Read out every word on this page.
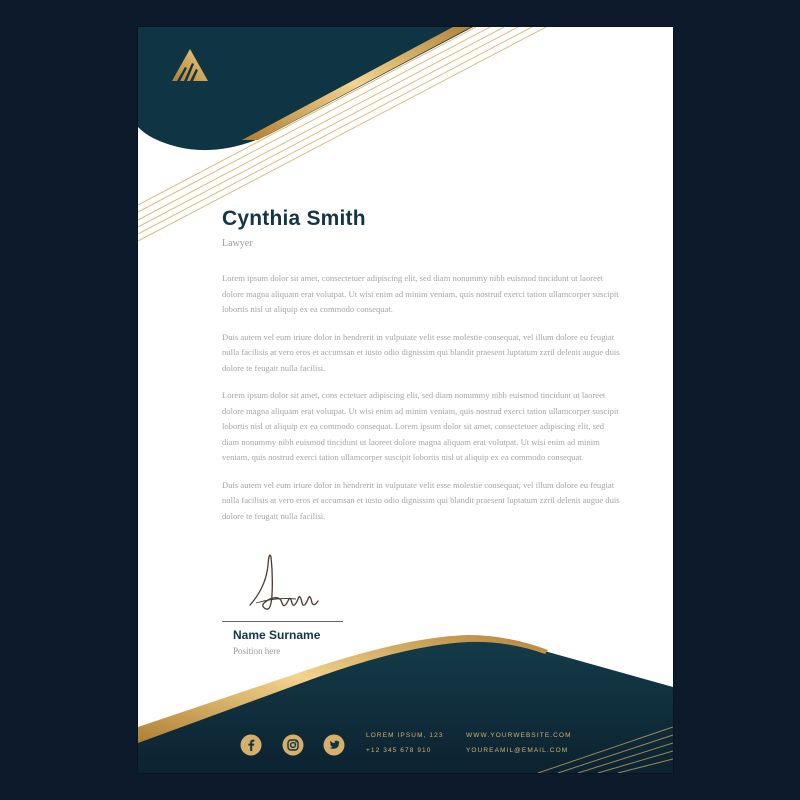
Cynthia Smith
Lawyer

Lorem ipsum dolor sit amet, consectetuer adipiscing elit, sed diam nonummy nibh euismod tincidunt ut laoreet dolore magna aliquam erat volutpat. Ut wisi enim ad minim veniam, quis nostrud exerci tation ullamcorper suscipit lobortis nisl ut aliquip ex ea commodo consequat.

Duis autem vel eum iriure dolor in hendrerit in vulputate velit esse molestie consequat, vel illum dolore eu feugiat nulla facilisis at vero eros et accumsan et iusto odio dignissim qui blandit praesent luptatum zzril delenit augue duis dolore te feugait nulla facilisi.

Lorem ipsum dolor sit amet, cons ectetuer adipiscing elit, sed diam nonummy nibh euismod tincidunt ut laoreet dolore magna aliquam erat volutpat. Ut wisi enim ad minim veniam, quis nostrud exerci tation ullamcorper suscipit lobortis nisl ut aliquip ex ea commodo consequat. Lorem ipsum dolor sit amet, consectetuer adipiscing elit, sed diam nonummy nibh euismod tincidunt ut laoreet dolore magna aliquam erat volutpat. Ut wisi enim ad minim veniam, quis nostrud exerci tation ullamcorper suscipit lobortis nisl ut aliquip ex ea commodo consequat.

Duis autem vel eum iriure dolor in hendrerit in vulputate velit esse molestie consequat, vel illum dolore eu feugiat nulla facilisis at vero eros et accumsan et iusto odio dignissim qui blandit praesent luptatum zzril delenit augue duis dolore te feugait nulla facilisi.

Name Surname
Position here
LOREM IPSUM, 123
+12 345 678 910
WWW.YOURWEBSITE.COM
YOUREAMIL@EMAIL.COM
